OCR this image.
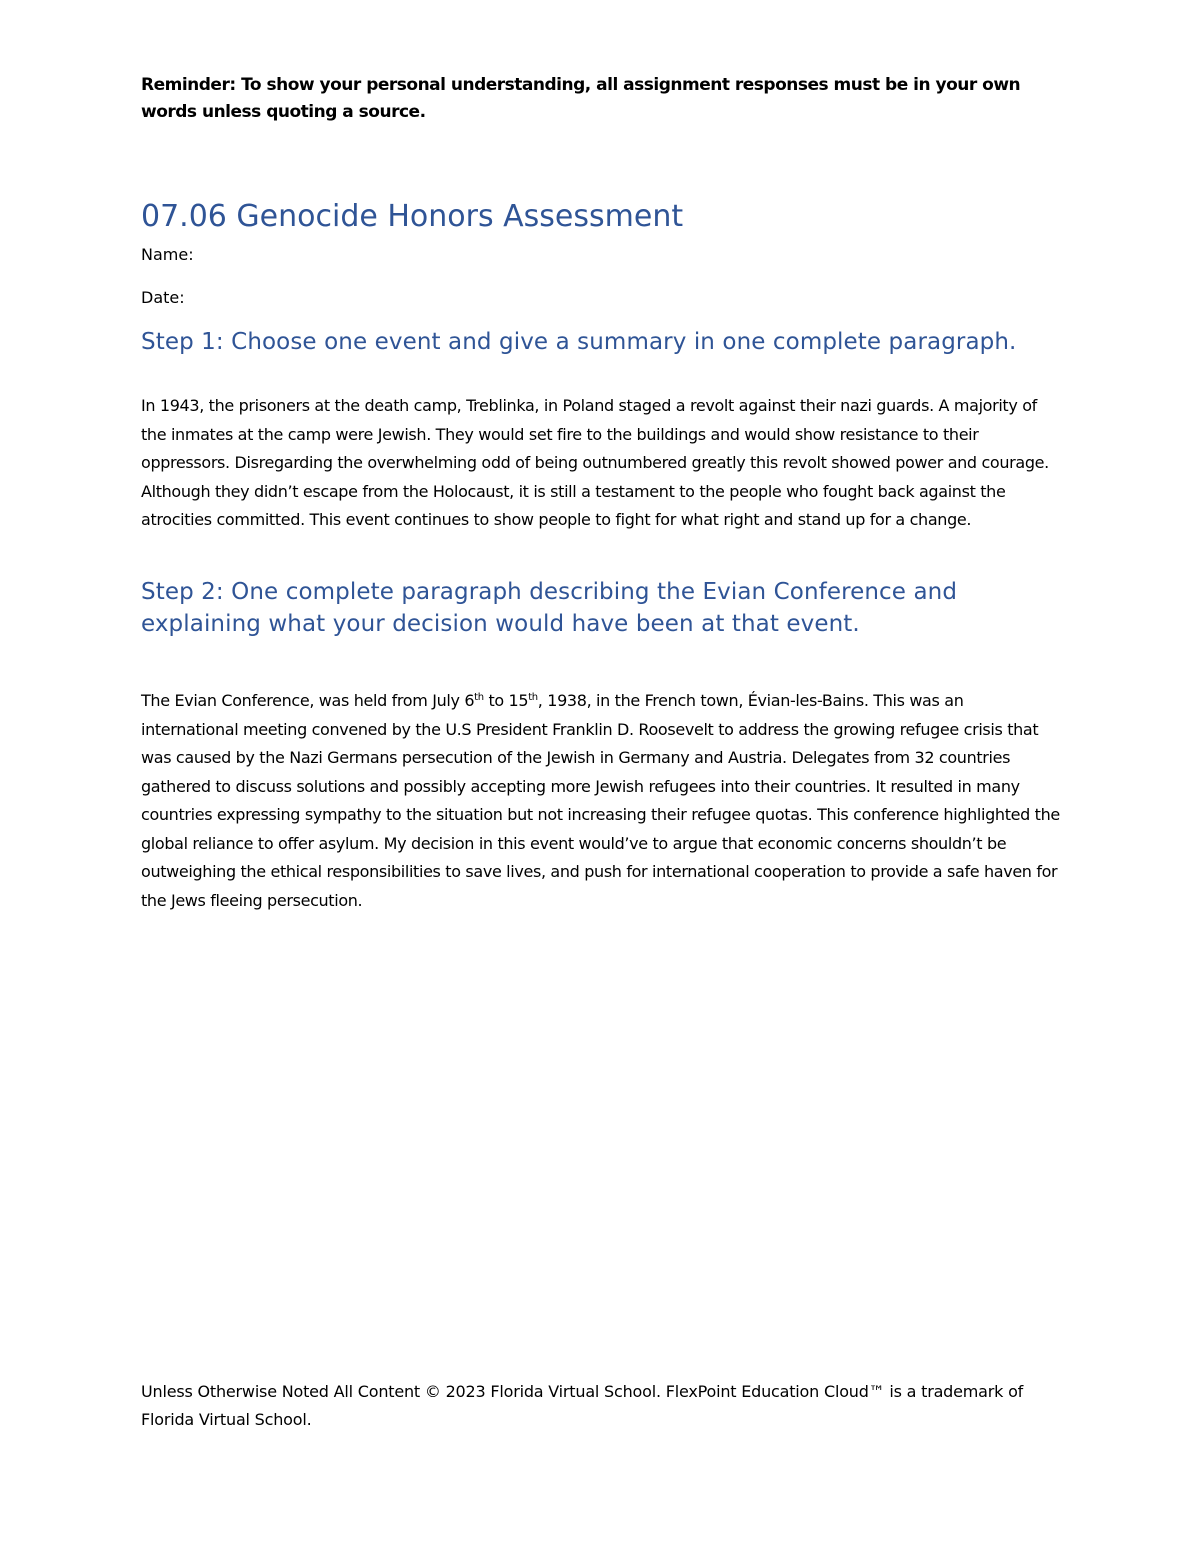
Reminder: To show your personal understanding, all assignment responses must be in your own words unless quoting a source.
07.06 Genocide Honors Assessment
Name:
Date:
Step 1: Choose one event and give a summary in one complete paragraph.
In 1943, the prisoners at the death camp, Treblinka, in Poland staged a revolt against their nazi guards. A majority of the inmates at the camp were Jewish. They would set fire to the buildings and would show resistance to their oppressors. Disregarding the overwhelming odd of being outnumbered greatly this revolt showed power and courage. Although they didn’t escape from the Holocaust, it is still a testament to the people who fought back against the atrocities committed. This event continues to show people to fight for what right and stand up for a change.
Step 2: One complete paragraph describing the Evian Conference and explaining what your decision would have been at that event.
The Evian Conference, was held from July 6th to 15th, 1938, in the French town, Évian-les-Bains. This was an international meeting convened by the U.S President Franklin D. Roosevelt to address the growing refugee crisis that was caused by the Nazi Germans persecution of the Jewish in Germany and Austria. Delegates from 32 countries gathered to discuss solutions and possibly accepting more Jewish refugees into their countries. It resulted in many countries expressing sympathy to the situation but not increasing their refugee quotas. This conference highlighted the global reliance to offer asylum. My decision in this event would’ve to argue that economic concerns shouldn’t be outweighing the ethical responsibilities to save lives, and push for international cooperation to provide a safe haven for the Jews fleeing persecution.
Unless Otherwise Noted All Content © 2023 Florida Virtual School. FlexPoint Education Cloud™ is a trademark of Florida Virtual School.
